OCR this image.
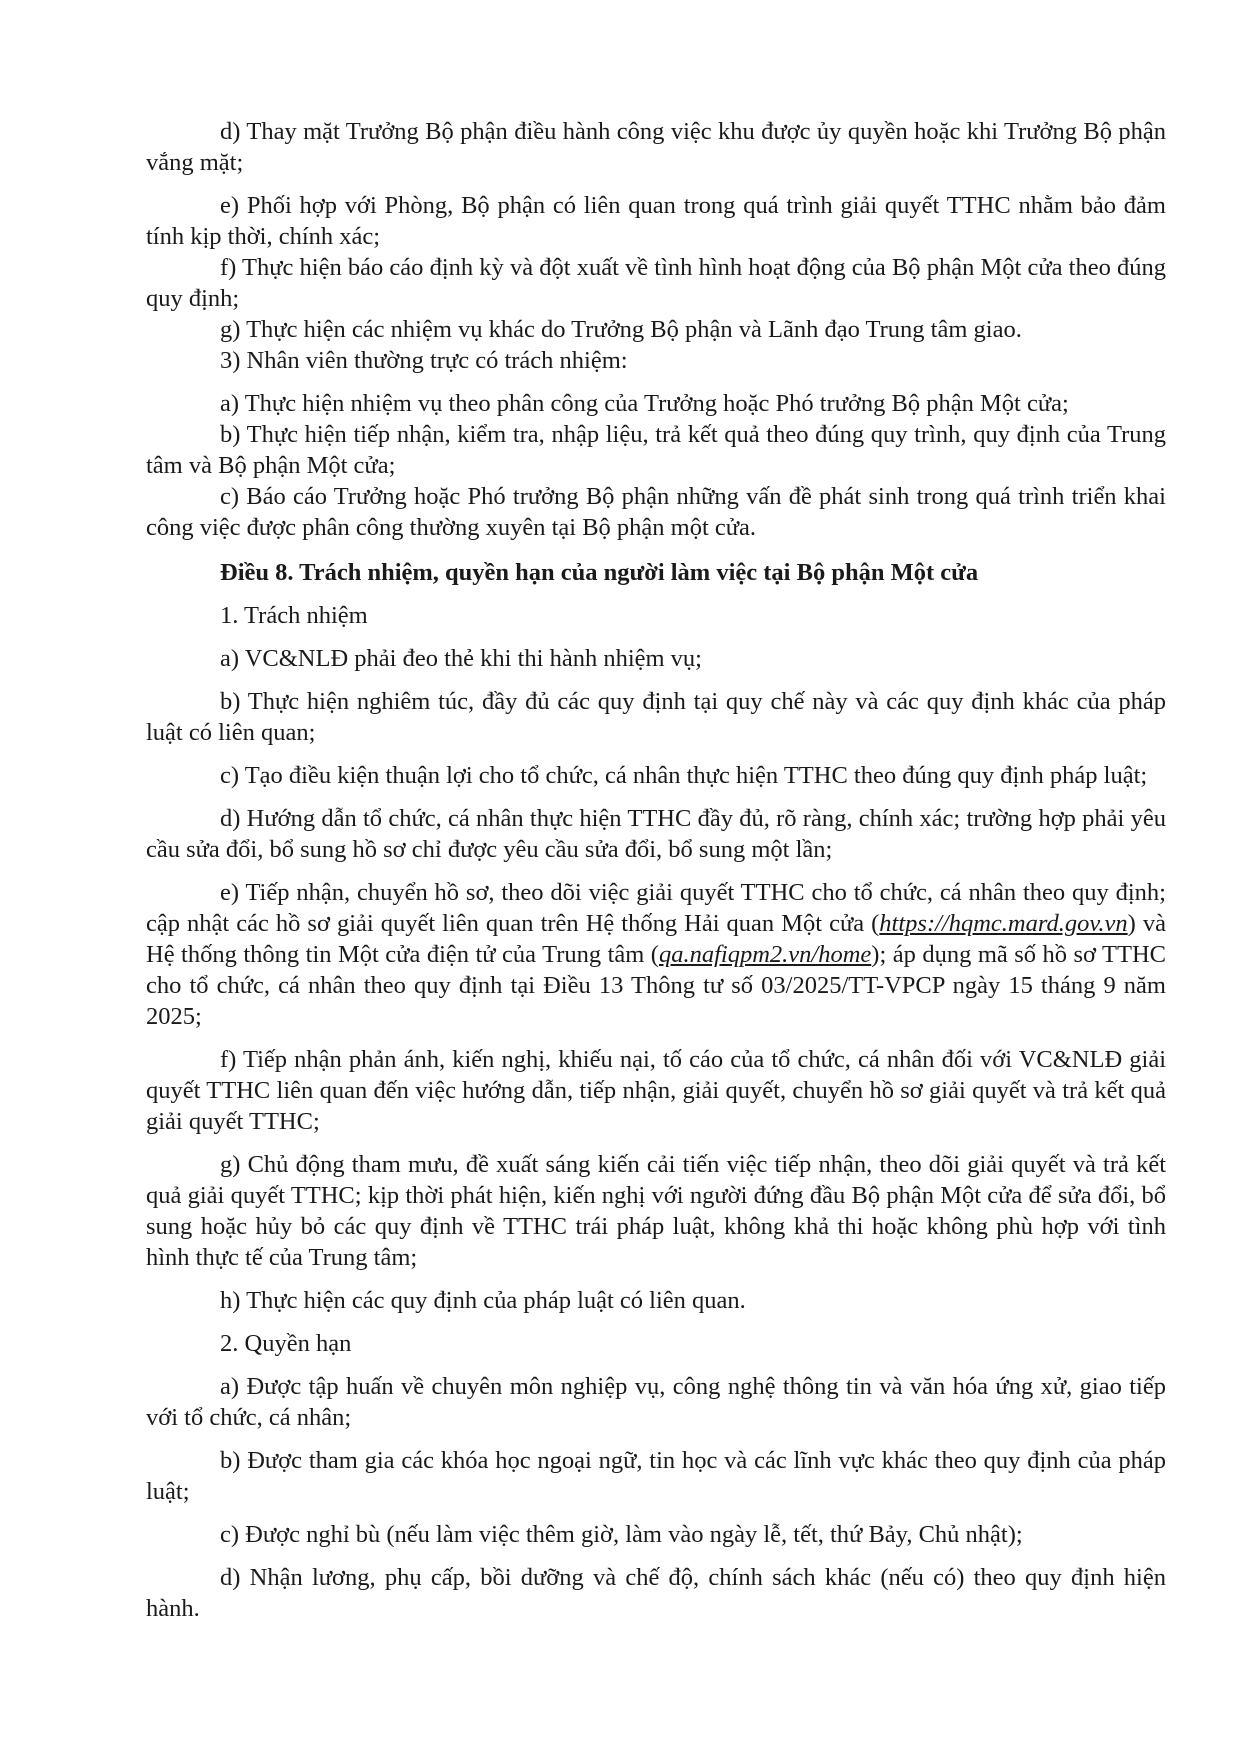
d) Thay mặt Trưởng Bộ phận điều hành công việc khu được ủy quyền hoặc khi Trưởng Bộ phận vắng mặt;

e) Phối hợp với Phòng, Bộ phận có liên quan trong quá trình giải quyết TTHC nhằm bảo đảm tính kịp thời, chính xác;

f) Thực hiện báo cáo định kỳ và đột xuất về tình hình hoạt động của Bộ phận Một cửa theo đúng quy định;

g) Thực hiện các nhiệm vụ khác do Trưởng Bộ phận và Lãnh đạo Trung tâm giao.

3) Nhân viên thường trực có trách nhiệm:

a) Thực hiện nhiệm vụ theo phân công của Trưởng hoặc Phó trưởng Bộ phận Một cửa;

b) Thực hiện tiếp nhận, kiểm tra, nhập liệu, trả kết quả theo đúng quy trình, quy định của Trung tâm và Bộ phận Một cửa;

c) Báo cáo Trưởng hoặc Phó trưởng Bộ phận những vấn đề phát sinh trong quá trình triển khai công việc được phân công thường xuyên tại Bộ phận một cửa.

Điều 8. Trách nhiệm, quyền hạn của người làm việc tại Bộ phận Một cửa

1. Trách nhiệm

a) VC&NLĐ phải đeo thẻ khi thi hành nhiệm vụ;

b) Thực hiện nghiêm túc, đầy đủ các quy định tại quy chế này và các quy định khác của pháp luật có liên quan;

c) Tạo điều kiện thuận lợi cho tổ chức, cá nhân thực hiện TTHC theo đúng quy định pháp luật;

d) Hướng dẫn tổ chức, cá nhân thực hiện TTHC đầy đủ, rõ ràng, chính xác; trường hợp phải yêu cầu sửa đổi, bổ sung hồ sơ chỉ được yêu cầu sửa đổi, bổ sung một lần;

e) Tiếp nhận, chuyển hồ sơ, theo dõi việc giải quyết TTHC cho tổ chức, cá nhân theo quy định; cập nhật các hồ sơ giải quyết liên quan trên Hệ thống Hải quan Một cửa (https://hqmc.mard.gov.vn) và Hệ thống thông tin Một cửa điện tử của Trung tâm (qa.nafiqpm2.vn/home); áp dụng mã số hồ sơ TTHC cho tổ chức, cá nhân theo quy định tại Điều 13 Thông tư số 03/2025/TT-VPCP ngày 15 tháng 9 năm 2025;

f) Tiếp nhận phản ánh, kiến nghị, khiếu nại, tố cáo của tổ chức, cá nhân đối với VC&NLĐ giải quyết TTHC liên quan đến việc hướng dẫn, tiếp nhận, giải quyết, chuyển hồ sơ giải quyết và trả kết quả giải quyết TTHC;

g) Chủ động tham mưu, đề xuất sáng kiến cải tiến việc tiếp nhận, theo dõi giải quyết và trả kết quả giải quyết TTHC; kịp thời phát hiện, kiến nghị với người đứng đầu Bộ phận Một cửa để sửa đổi, bổ sung hoặc hủy bỏ các quy định về TTHC trái pháp luật, không khả thi hoặc không phù hợp với tình hình thực tế của Trung tâm;

h) Thực hiện các quy định của pháp luật có liên quan.

2. Quyền hạn

a) Được tập huấn về chuyên môn nghiệp vụ, công nghệ thông tin và văn hóa ứng xử, giao tiếp với tổ chức, cá nhân;

b) Được tham gia các khóa học ngoại ngữ, tin học và các lĩnh vực khác theo quy định của pháp luật;

c) Được nghỉ bù (nếu làm việc thêm giờ, làm vào ngày lễ, tết, thứ Bảy, Chủ nhật);

d) Nhận lương, phụ cấp, bồi dưỡng và chế độ, chính sách khác (nếu có) theo quy định hiện hành.
